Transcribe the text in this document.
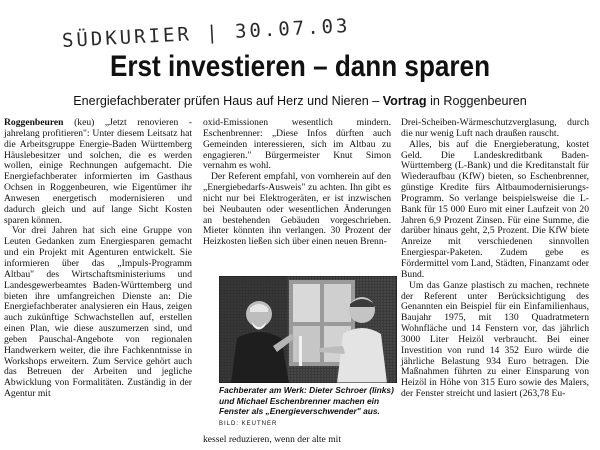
SÜDKURIER | 30.07.03
Erst investieren – dann sparen
Energiefachberater prüfen Haus auf Herz und Nieren – Vortrag in Roggenbeuren

Roggenbeuren (keu) „Jetzt renovieren - jahrelang profitieren": Unter diesem Leitsatz hat die Arbeitsgruppe Energie-Baden Württemberg Häuslebesitzer und solchen, die es werden wollen, einige Rechnungen aufgemacht. Die Energiefachberater informierten im Gasthaus Ochsen in Roggenbeuren, wie Eigentümer ihr Anwesen energetisch modernisieren und dadurch gleich und auf lange Sicht Kosten sparen können.

Vor drei Jahren hat sich eine Gruppe von Leuten Gedanken zum Energiesparen gemacht und ein Projekt mit Agenturen entwickelt. Sie informieren über das „Impuls-Programm Altbau" des Wirtschaftsministeriums und Landesgewerbeamtes Baden-Württemberg und bieten ihre umfangreichen Dienste an: Die Energiefachberater analysieren ein Haus, zeigen auch zukünftige Schwachstellen auf, erstellen einen Plan, wie diese auszumerzen sind, und geben Pauschal-Angebote von regionalen Handwerkern weiter, die ihre Fachkenntnisse in Workshops erweitern. Zum Service gehört auch das Betreuen der Arbeiten und jegliche Abwicklung von Formalitäten. Zuständig in der Agentur mit

oxid-Emissionen wesentlich mindern. Eschenbrenner: „Diese Infos dürften auch Gemeinden interessieren, sich im Altbau zu engagieren." Bürgermeister Knut Simon vernahm es wohl.

Der Referent empfahl, von vornherein auf den „Energiebedarfs-Ausweis" zu achten. Ihn gibt es nicht nur bei Elektrogeräten, er ist inzwischen bei Neubauten oder wesentlichen Änderungen an bestehenden Gebäuden vorgeschrieben. Mieter könnten ihn verlangen. 30 Prozent der Heizkosten ließen sich über einen neuen Brenn-

Fachberater am Werk: Dieter Schroer (links) und Michael Eschenbrenner machen ein Fenster als „Energieverschwender" aus. BILD: KEUTNER
kessel reduzieren, wenn der alte mit

Drei-Scheiben-Wärmeschutzverglasung, durch die nur wenig Luft nach draußen rauscht.

Alles, bis auf die Energieberatung, kostet Geld. Die Landeskreditbank Baden-Württemberg (L-Bank) und die Kreditanstalt für Wiederaufbau (KfW) bieten, so Eschenbrenner, günstige Kredite fürs Altbaumodernisierungs-Programm. So verlange beispielsweise die L-Bank für 15 000 Euro mit einer Laufzeit von 20 Jahren 6,9 Prozent Zinsen. Für eine Summe, die darüber hinaus geht, 2,5 Prozent. Die KfW biete Anreize mit verschiedenen sinnvollen Energiespar-Paketen. Zudem gebe es Fördermittel vom Land, Städten, Finanzamt oder Bund.

Um das Ganze plastisch zu machen, rechnete der Referent unter Berücksichtigung des Genannten ein Beispiel für ein Einfamilienhaus, Baujahr 1975, mit 130 Quadratmetern Wohnfläche und 14 Fenstern vor, das jährlich 3000 Liter Heizöl verbraucht. Bei einer Investition von rund 14 352 Euro würde die jährliche Belastung 934 Euro betragen. Die Maßnahmen führten zu einer Einsparung von Heizöl in Höhe von 315 Euro sowie des Malers, der Fenster streicht und lasiert (263,78 Eu-
